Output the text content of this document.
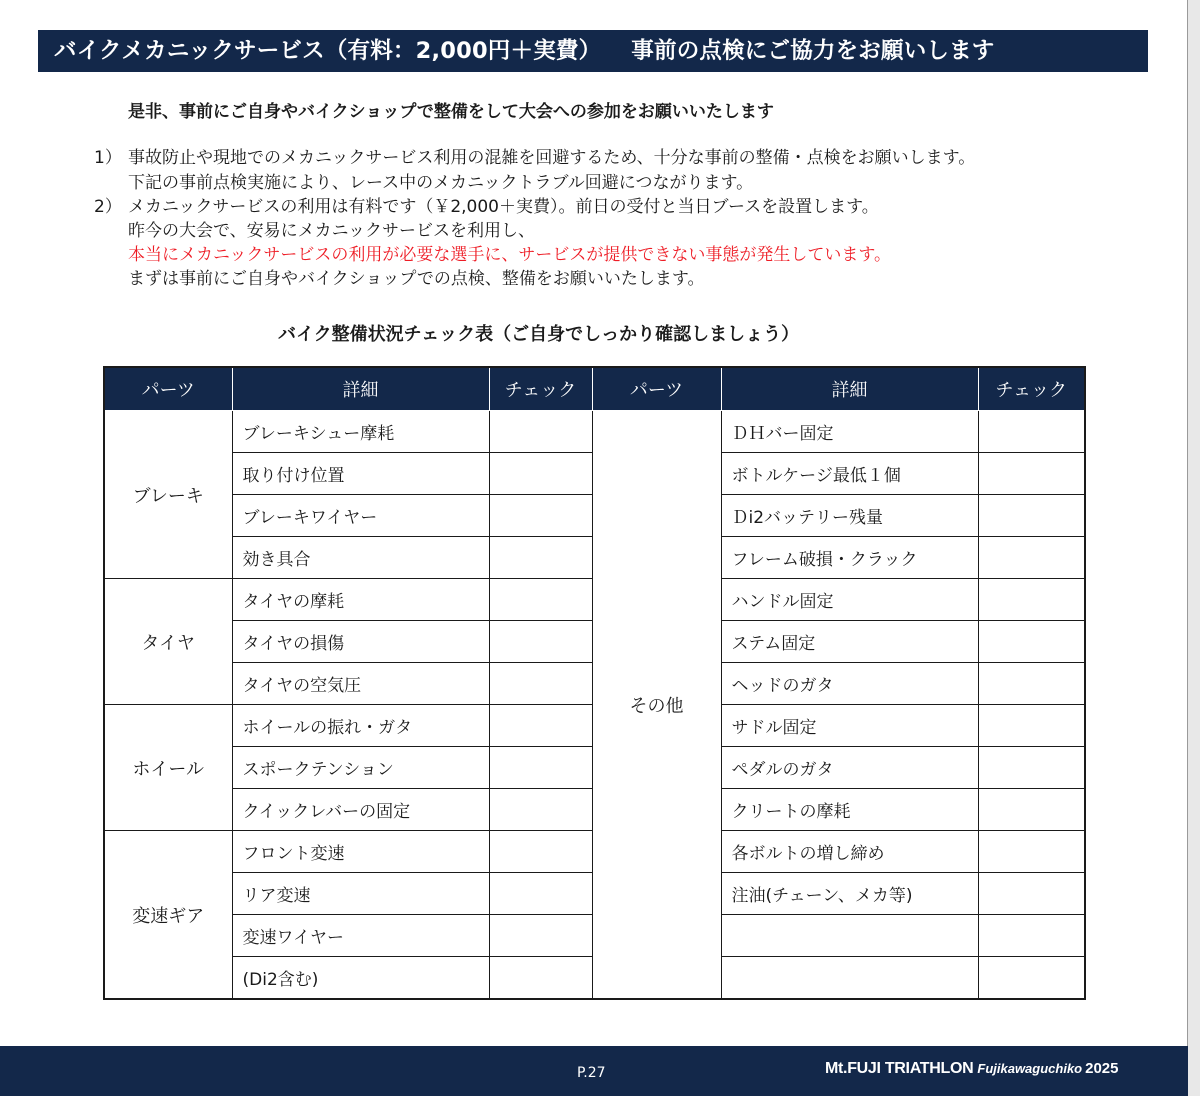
バイクメカニックサービス（有料：2,000円＋実費） 事前の点検にご協力をお願いします
是非、事前にご自身やバイクショップで整備をして大会への参加をお願いいたします
1） 事故防止や現地でのメカニックサービス利用の混雑を回避するため、十分な事前の整備・点検をお願いします。
下記の事前点検実施により、レース中のメカニックトラブル回避につながります。
2） メカニックサービスの利用は有料です（￥2,000＋実費）。前日の受付と当日ブースを設置します。
昨今の大会で、安易にメカニックサービスを利用し、
本当にメカニックサービスの利用が必要な選手に、サービスが提供できない事態が発生しています。
まずは事前にご自身やバイクショップでの点検、整備をお願いいたします。
バイク整備状況チェック表（ご自身でしっかり確認しましょう）
パーツ	詳細	チェック	パーツ	詳細	チェック
ブレーキ	ブレーキシュー摩耗		その他	ＤＨバー固定	
	取り付け位置			ボトルケージ最低１個	
	ブレーキワイヤー			Ｄi2バッテリー残量	
	効き具合			フレーム破損・クラック	
タイヤ	タイヤの摩耗			ハンドル固定	
	タイヤの損傷			ステム固定	
	タイヤの空気圧			ヘッドのガタ	
ホイール	ホイールの振れ・ガタ			サドル固定	
	スポークテンション			ペダルのガタ	
	クイックレバーの固定			クリートの摩耗	
変速ギア	フロント変速			各ボルトの増し締め	
	リア変速			注油(チェーン、メカ等)	
	変速ワイヤー				
	(Di2含む)				
P.27	Mt.FUJI TRIATHLON Fujikawaguchiko 2025
